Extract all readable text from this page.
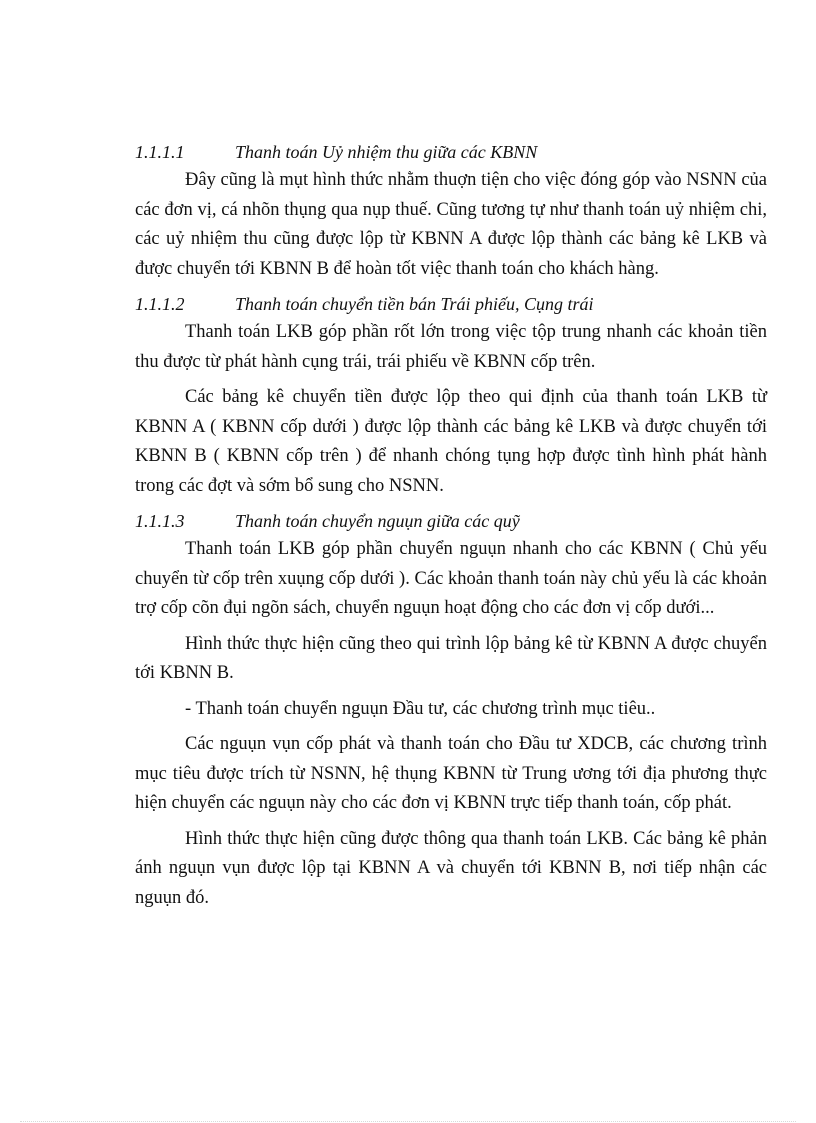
1.1.1.1	Thanh toán Uỷ nhiệm thu giữa các KBNN

Đây cũng là mụt hình thức nhằm thuợn tiện cho việc đóng góp vào NSNN của các đơn vị, cá nhõn thụng qua nụp thuế. Cũng tương tự như thanh toán uỷ nhiệm chi, các uỷ nhiệm thu cũng được lộp từ KBNN A được lộp thành các bảng kê LKB và được chuyển tới KBNN B để hoàn tốt việc thanh toán cho khách hàng.

1.1.1.2	Thanh toán chuyển tiền bán Trái phiếu, Cụng trái

Thanh toán LKB góp phần rốt lớn trong việc tộp trung nhanh các khoản tiền thu được từ phát hành cụng trái, trái phiếu về KBNN cốp trên.

Các bảng kê chuyển tiền được lộp theo qui định của thanh toán LKB từ KBNN A ( KBNN cốp dưới ) được lộp thành các bảng kê LKB và được chuyển tới KBNN B ( KBNN cốp trên ) để nhanh chóng tụng hợp được tình hình phát hành trong các đợt và sớm bổ sung cho NSNN.

1.1.1.3	Thanh toán chuyển nguụn giữa các quỹ

Thanh toán LKB góp phần chuyển nguụn nhanh cho các KBNN ( Chủ yếu chuyển từ cốp trên xuụng cốp dưới ). Các khoản thanh toán này chủ yếu là các khoản trợ cốp cõn đụi ngõn sách, chuyển nguụn hoạt động cho các đơn vị cốp dưới...

Hình thức thực hiện cũng theo qui trình lộp bảng kê từ KBNN A được chuyển tới KBNN B.

- Thanh toán chuyển nguụn Đầu tư, các chương trình mục tiêu..

Các nguụn vụn cốp phát và thanh toán cho Đầu tư XDCB, các chương trình mục tiêu được trích từ NSNN, hệ thụng KBNN từ Trung ương tới địa phương thực hiện chuyển các nguụn này cho các đơn vị KBNN trực tiếp thanh toán, cốp phát.

Hình thức thực hiện cũng được thông qua thanh toán LKB. Các bảng kê phản ánh nguụn vụn được lộp tại KBNN A và chuyển tới KBNN B, nơi tiếp nhận các nguụn đó.
